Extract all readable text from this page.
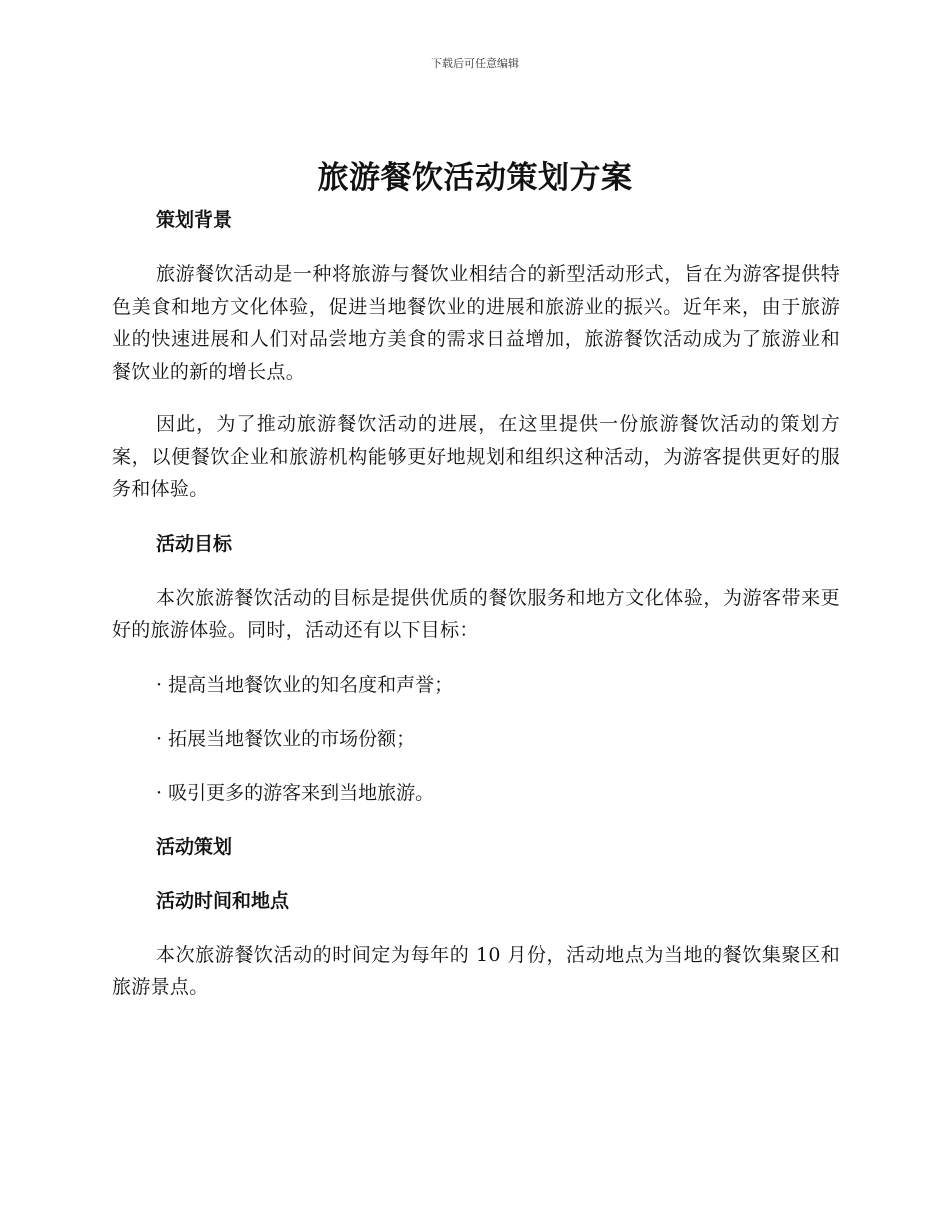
下载后可任意编辑
旅游餐饮活动策划方案

策划背景

旅游餐饮活动是一种将旅游与餐饮业相结合的新型活动形式，旨在为游客提供特色美食和地方文化体验，促进当地餐饮业的进展和旅游业的振兴。近年来，由于旅游业的快速进展和人们对品尝地方美食的需求日益增加，旅游餐饮活动成为了旅游业和餐饮业的新的增长点。

因此，为了推动旅游餐饮活动的进展，在这里提供一份旅游餐饮活动的策划方案，以便餐饮企业和旅游机构能够更好地规划和组织这种活动，为游客提供更好的服务和体验。

活动目标

本次旅游餐饮活动的目标是提供优质的餐饮服务和地方文化体验，为游客带来更好的旅游体验。同时，活动还有以下目标：

· 提高当地餐饮业的知名度和声誉；

· 拓展当地餐饮业的市场份额；

· 吸引更多的游客来到当地旅游。

活动策划

活动时间和地点

本次旅游餐饮活动的时间定为每年的 10 月份，活动地点为当地的餐饮集聚区和旅游景点。
